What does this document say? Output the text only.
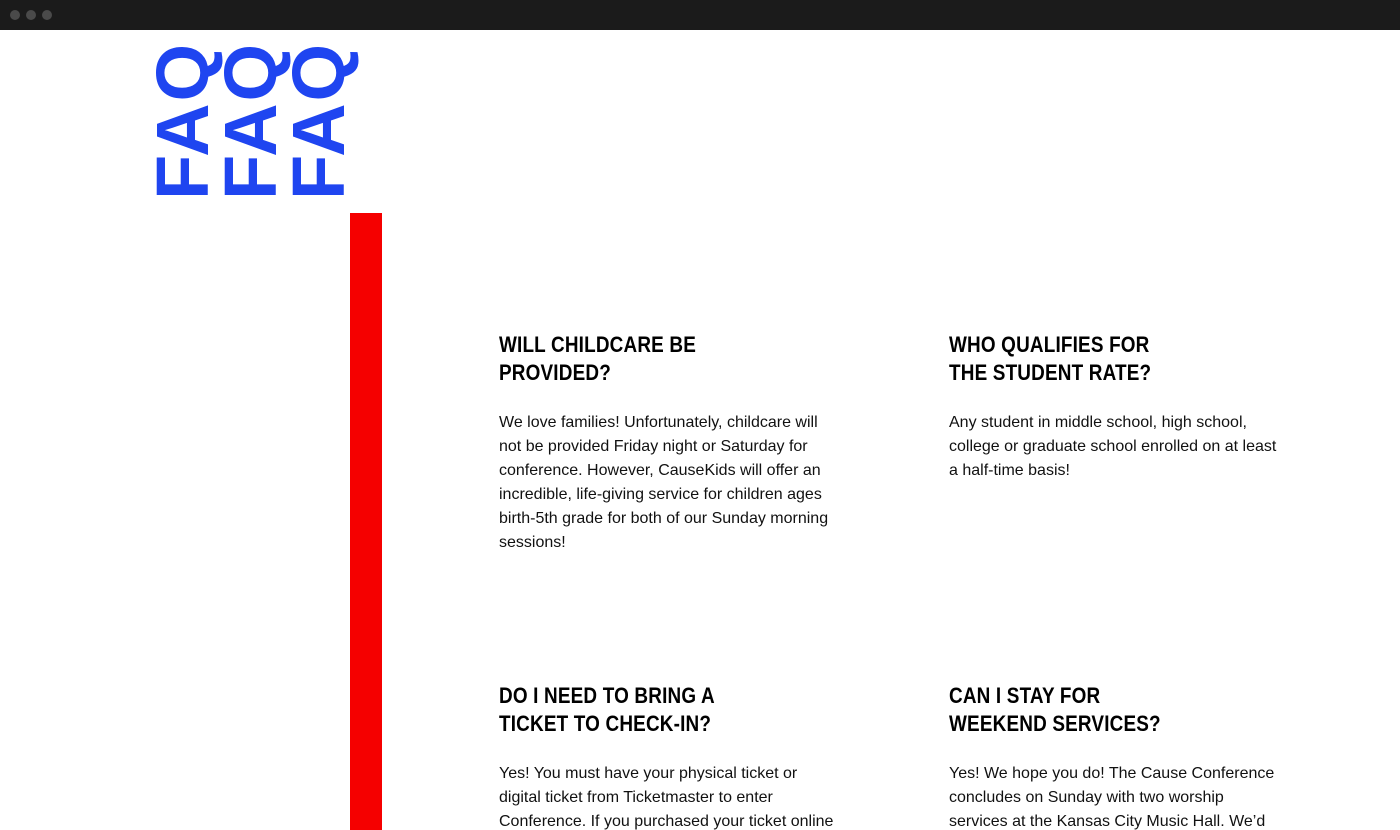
FAQ
FAQ
FAQ
WILL CHILDCARE BE
PROVIDED?
We love families! Unfortunately, childcare will not be provided Friday night or Saturday for conference. However, CauseKids will offer an incredible, life-giving service for children ages birth-5th grade for both of our Sunday morning sessions!
WHO QUALIFIES FOR
THE STUDENT RATE?
Any student in middle school, high school, college or graduate school enrolled on at least a half-time basis!
DO I NEED TO BRING A
TICKET TO CHECK-IN?
Yes! You must have your physical ticket or digital ticket from Ticketmaster to enter Conference. If you purchased your ticket online
CAN I STAY FOR
WEEKEND SERVICES?
Yes! We hope you do! The Cause Conference concludes on Sunday with two worship services at the Kansas City Music Hall. We’d
